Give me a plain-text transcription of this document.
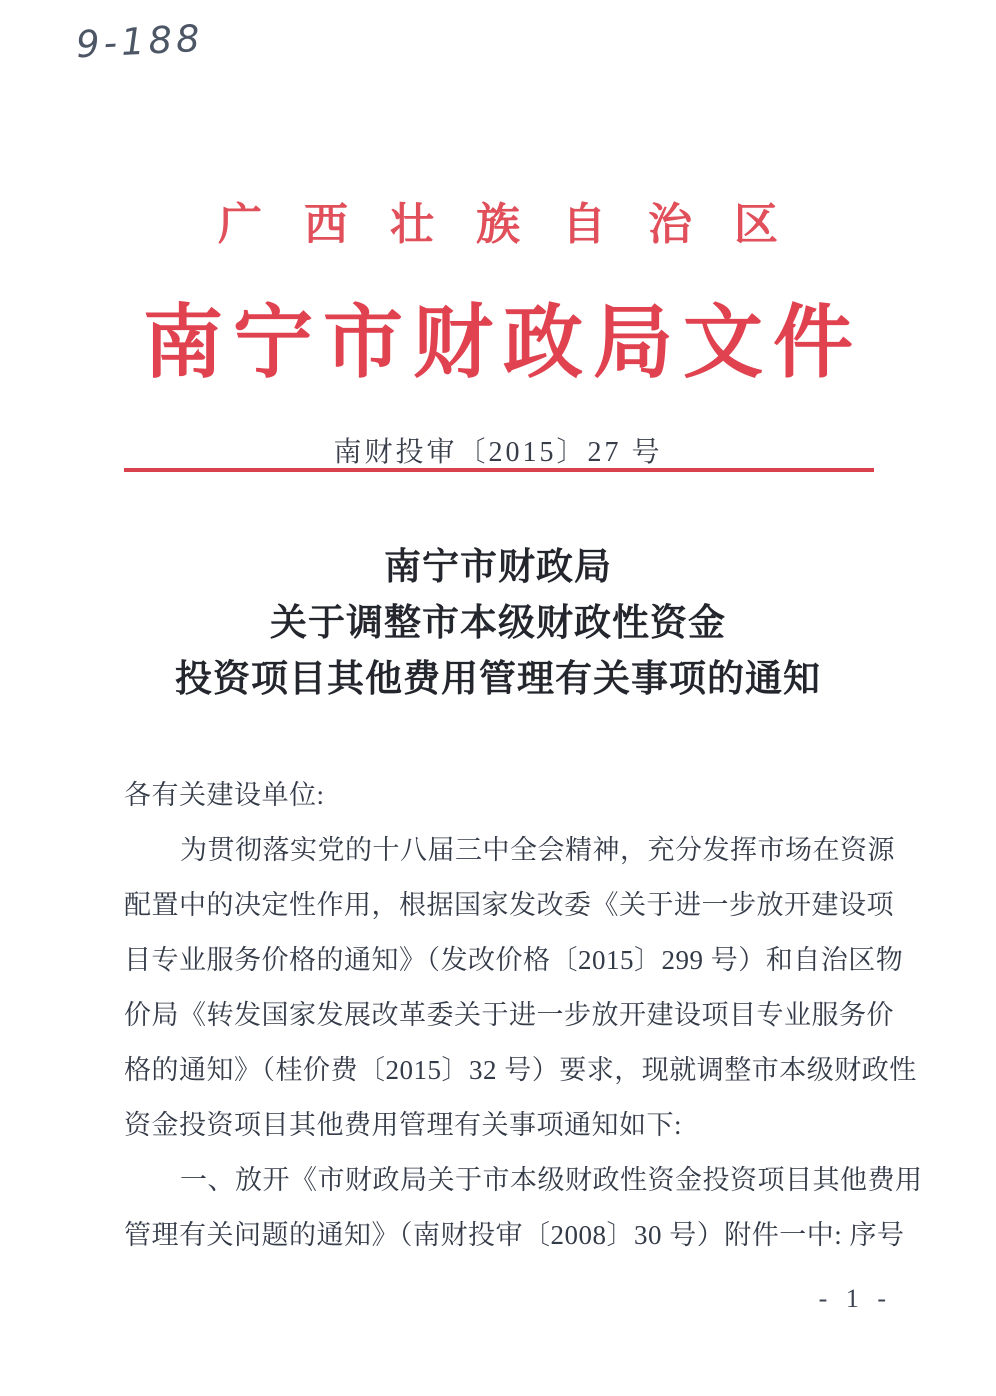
9-188
广西壮族自治区
南宁市财政局文件
南财投审〔2015〕27 号
南宁市财政局
关于调整市本级财政性资金
投资项目其他费用管理有关事项的通知
各有关建设单位:
为贯彻落实党的十八届三中全会精神，充分发挥市场在资源
配置中的决定性作用，根据国家发改委《关于进一步放开建设项
目专业服务价格的通知》（发改价格〔2015〕299 号）和自治区物
价局《转发国家发展改革委关于进一步放开建设项目专业服务价
格的通知》（桂价费〔2015〕32 号）要求，现就调整市本级财政性
资金投资项目其他费用管理有关事项通知如下:
一、放开《市财政局关于市本级财政性资金投资项目其他费用
管理有关问题的通知》（南财投审〔2008〕30 号）附件一中: 序号
- 1 -
